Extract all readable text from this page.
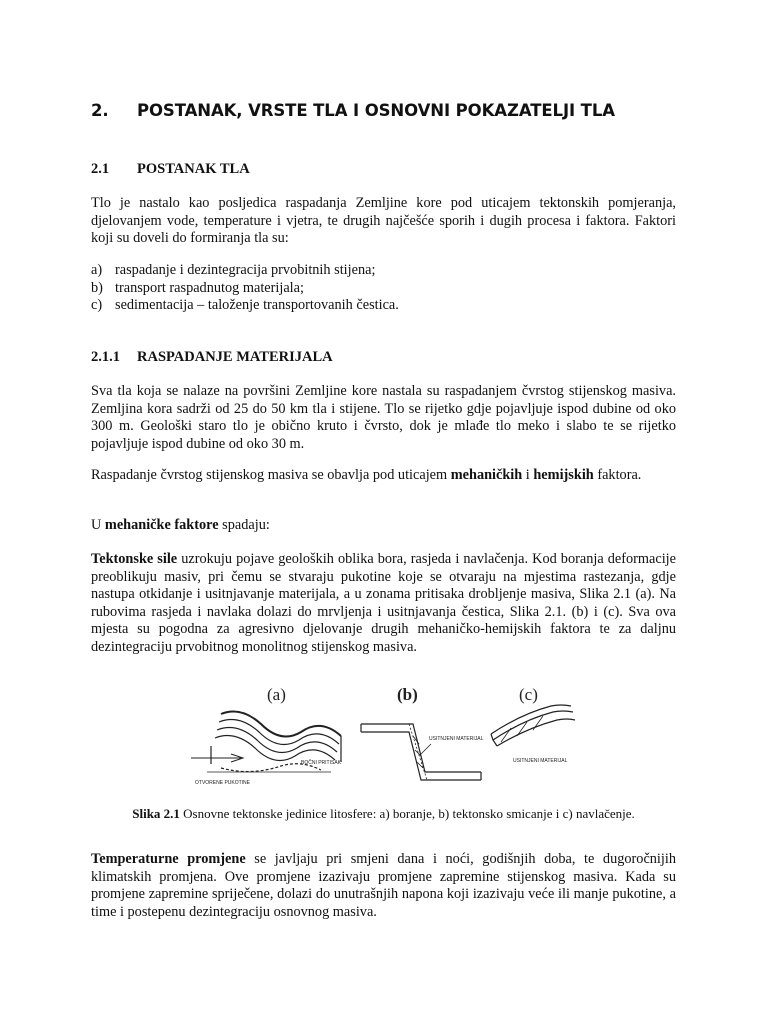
2. POSTANAK, VRSTE TLA I OSNOVNI POKAZATELJI TLA
2.1 POSTANAK TLA
Tlo je nastalo kao posljedica raspadanja Zemljine kore pod uticajem tektonskih pomjeranja, djelovanjem vode, temperature i vjetra, te drugih najčešće sporih i dugih procesa i faktora. Faktori koji su doveli do formiranja tla su:
a) raspadanje i dezintegracija prvobitnih stijena;
b) transport raspadnutog materijala;
c) sedimentacija – taloženje transportovanih čestica.
2.1.1 RASPADANJE MATERIJALA
Sva tla koja se nalaze na površini Zemljine kore nastala su raspadanjem čvrstog stijenskog masiva. Zemljina kora sadrži od 25 do 50 km tla i stijene. Tlo se rijetko gdje pojavljuje ispod dubine od oko 300 m. Geološki staro tlo je obično kruto i čvrsto, dok je mlađe tlo meko i slabo te se rijetko pojavljuje ispod dubine od oko 30 m.
Raspadanje čvrstog stijenskog masiva se obavlja pod uticajem mehaničkih i hemijskih faktora.
U mehaničke faktore spadaju:
Tektonske sile uzrokuju pojave geoloških oblika bora, rasjeda i navlačenja. Kod boranja deformacije preoblikuju masiv, pri čemu se stvaraju pukotine koje se otvaraju na mjestima rastezanja, gdje nastupa otkidanje i usitnjavanje materijala, a u zonama pritisaka drobljenje masiva, Slika 2.1 (a). Na rubovima rasjeda i navlaka dolazi do mrvljenja i usitnjavanja čestica, Slika 2.1. (b) i (c). Sva ova mjesta su pogodna za agresivno djelovanje drugih mehaničko-hemijskih faktora te za daljnu dezintegraciju prvobitnog monolitnog stijenskog masiva.
(a)	(b)	(c)
BOČNI PRITISAK
OTVORENE PUKOTINE
USITNJENI MATERIJAL
USITNJENI MATERIJAL
Slika 2.1 Osnovne tektonske jedinice litosfere: a) boranje, b) tektonsko smicanje i c) navlačenje.
Temperaturne promjene se javljaju pri smjeni dana i noći, godišnjih doba, te dugoročnijih klimatskih promjena. Ove promjene izazivaju promjene zapremine stijenskog masiva. Kada su promjene zapremine spriječene, dolazi do unutrašnjih napona koji izazivaju veće ili manje pukotine, a time i postepenu dezintegraciju osnovnog masiva.
